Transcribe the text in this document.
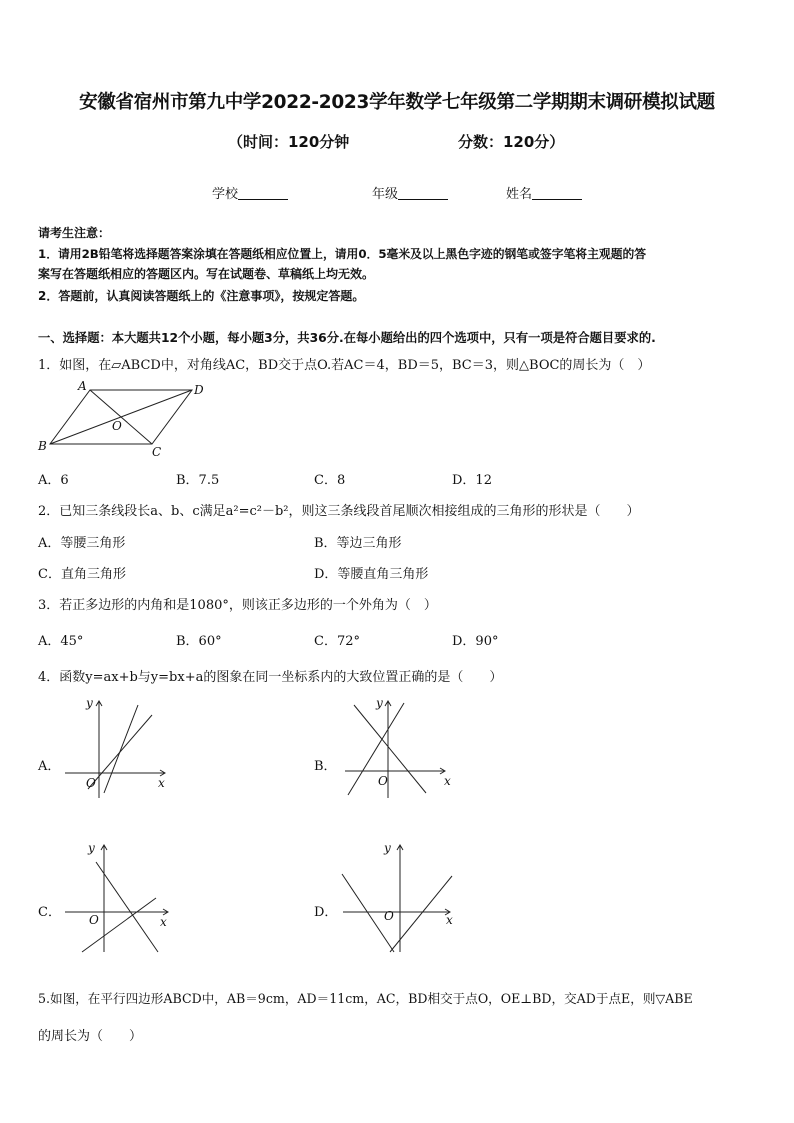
安徽省宿州市第九中学2022-2023学年数学七年级第二学期期末调研模拟试题
（时间：120分钟	分数：120分）
学校	年级	姓名
请考生注意：
1．请用2B铅笔将选择题答案涂填在答题纸相应位置上，请用0．5毫米及以上黑色字迹的钢笔或签字笔将主观题的答
案写在答题纸相应的答题区内。写在试题卷、草稿纸上均无效。
2．答题前，认真阅读答题纸上的《注意事项》，按规定答题。
一、选择题：本大题共12个小题，每小题3分，共36分.在每小题给出的四个选项中，只有一项是符合题目要求的.
1．如图，在▱ABCD中，对角线AC，BD交于点O.若AC＝4，BD＝5，BC＝3，则△BOC的周长为（　）
A	D
B	C
O
A．6	B．7.5	C．8	D．12
2．已知三条线段长a、b、c满足a²=c²－b²，则这三条线段首尾顺次相接组成的三角形的形状是（　　）
A．等腰三角形	B．等边三角形
C．直角三角形	D．等腰直角三角形
3．若正多边形的内角和是1080°，则该正多边形的一个外角为（　）
A．45°	B．60°	C．72°	D．90°
4．函数y=ax+b与y=bx+a的图象在同一坐标系内的大致位置正确的是（　　）
A．
O	x
y
B．
O	x
y
C． O	x
y
D．	O	x
y
5.如图，在平行四边形ABCD中，AB＝9cm，AD＝11cm，AC，BD相交于点O，OE⊥BD，交AD于点E，则▽ABE
的周长为（　　）
